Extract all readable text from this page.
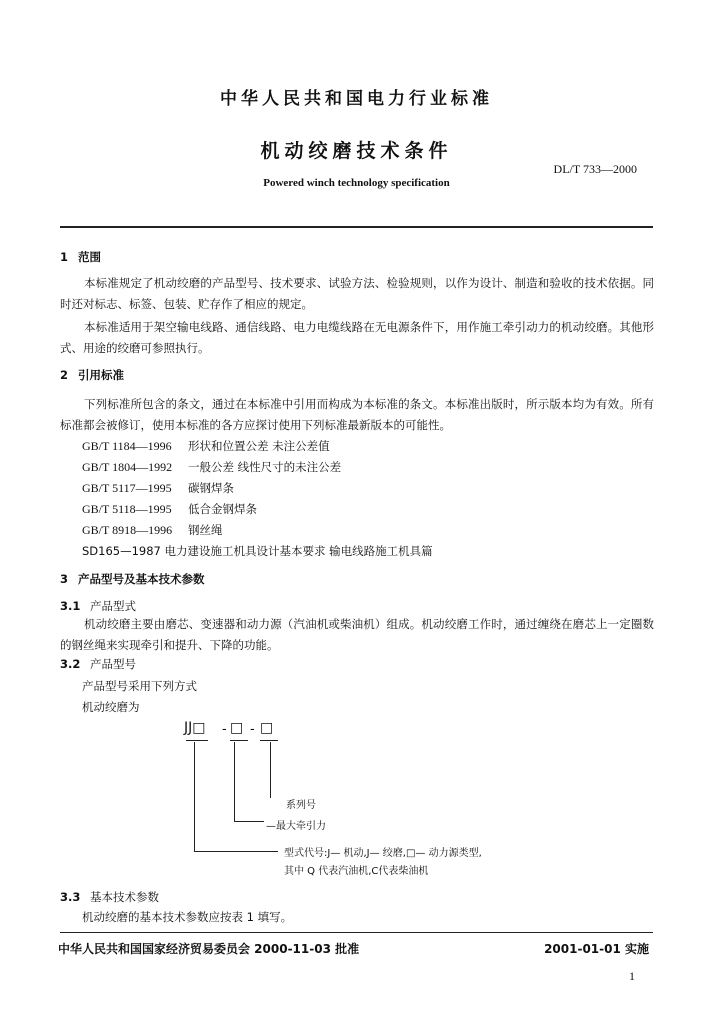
中华人民共和国电力行业标准
机动绞磨技术条件
DL/T 733—2000
Powered winch technology specification
1 范围
本标准规定了机动绞磨的产品型号、技术要求、试验方法、检验规则，以作为设计、制造和验收的技术依据。同时还对标志、标签、包装、贮存作了相应的规定。
本标准适用于架空输电线路、通信线路、电力电缆线路在无电源条件下，用作施工牵引动力的机动绞磨。其他形式、用途的绞磨可参照执行。
2 引用标准
下列标准所包含的条文，通过在本标准中引用而构成为本标准的条文。本标准出版时，所示版本均为有效。所有标准都会被修订，使用本标准的各方应探讨使用下列标准最新版本的可能性。
GB/T 1184—1996 形状和位置公差 未注公差值
GB/T 1804—1992 一般公差 线性尺寸的未注公差
GB/T 5117—1995 碳钢焊条
GB/T 5118—1995 低合金钢焊条
GB/T 8918—1996 钢丝绳
SD165—1987 电力建设施工机具设计基本要求 输电线路施工机具篇
3 产品型号及基本技术参数
3.1 产品型式
机动绞磨主要由磨芯、变速器和动力源（汽油机或柴油机）组成。机动绞磨工作时，通过缠绕在磨芯上一定圈数的钢丝绳来实现牵引和提升、下降的功能。
3.2 产品型号
产品型号采用下列方式
机动绞磨为
JJ□ - □ - □
系列号
—最大牵引力
型式代号:J— 机动,J— 绞磨,□— 动力源类型,
其中 Q 代表汽油机,C代表柴油机
3.3 基本技术参数
机动绞磨的基本技术参数应按表 1 填写。
中华人民共和国国家经济贸易委员会 2000-11-03 批准	2001-01-01 实施
1
